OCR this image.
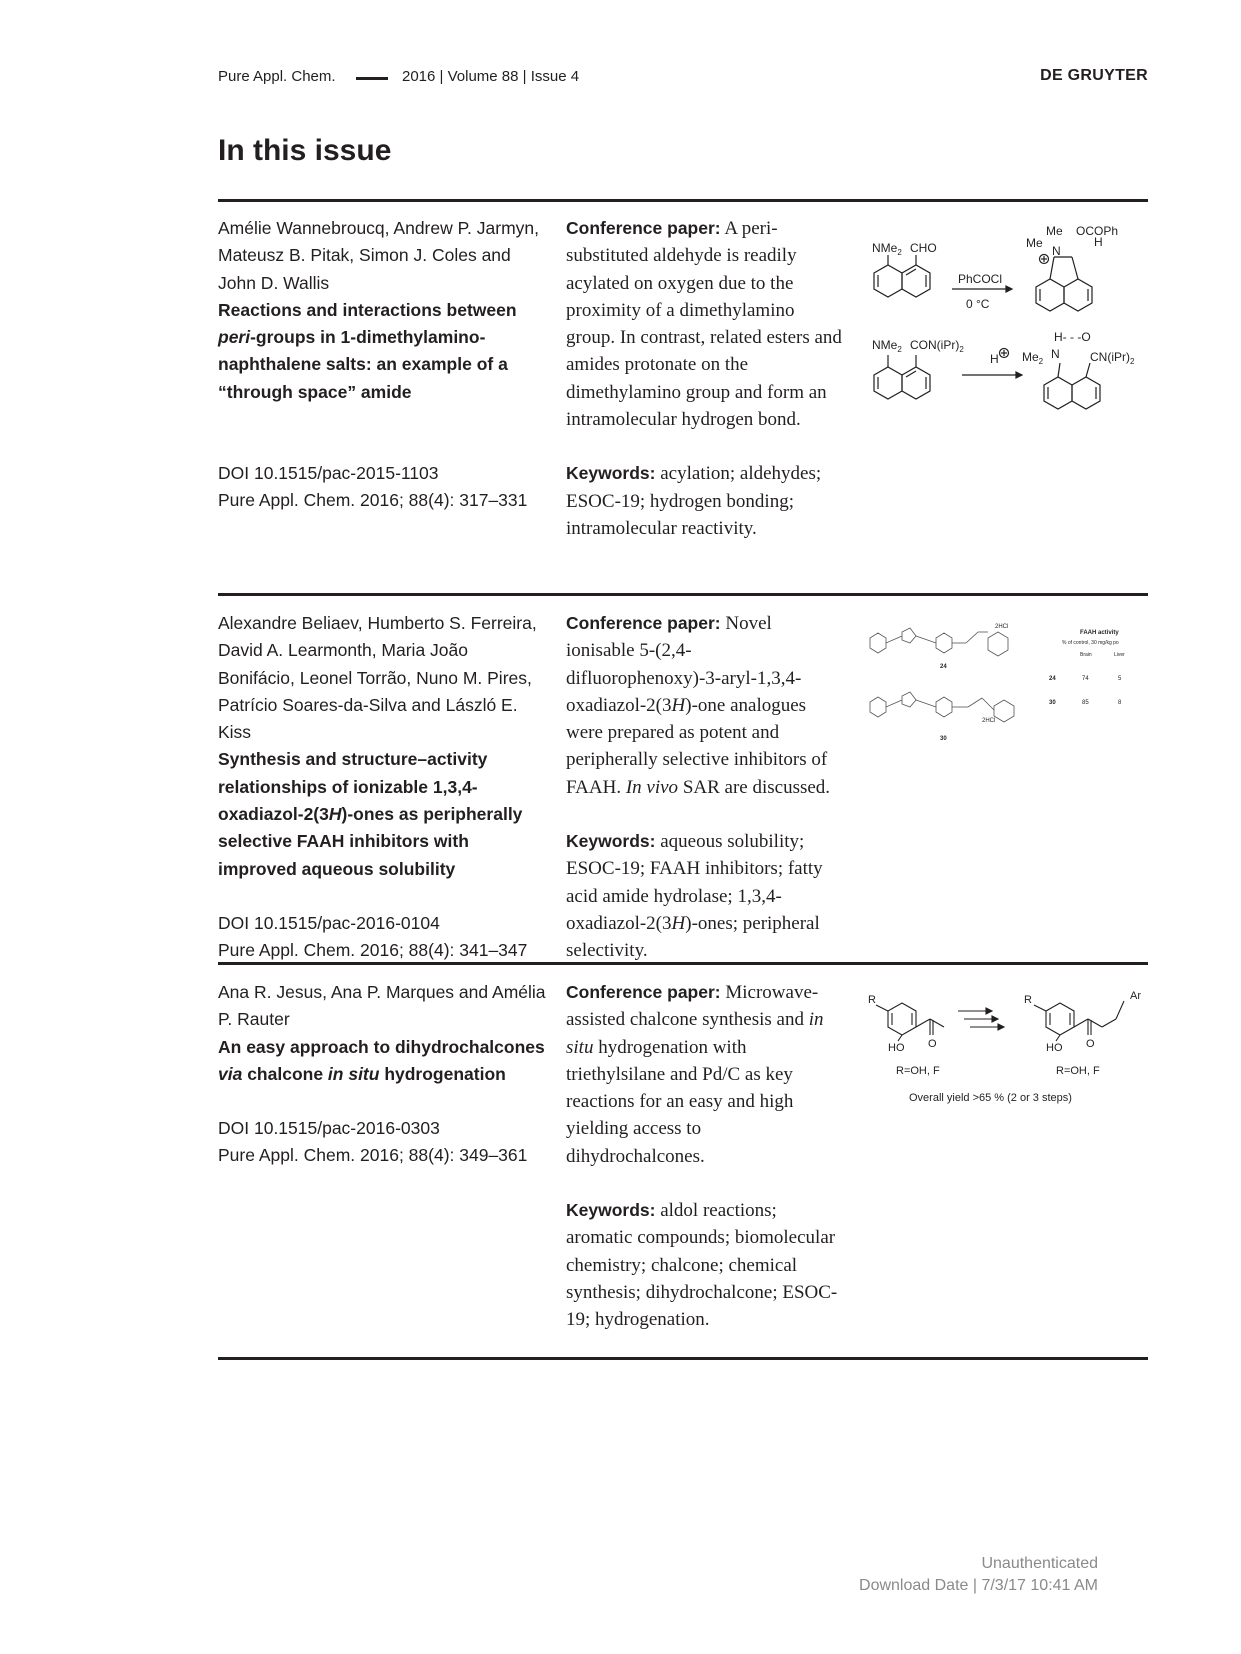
Pure Appl. Chem.	2016 | Volume 88 | Issue 4	DE GRUYTER
In this issue

Amélie Wannebroucq, Andrew P. Jarmyn, Mateusz B. Pitak, Simon J. Coles and John D. Wallis

Reactions and interactions between peri-groups in 1-dimethylamino-naphthalene salts: an example of a “through space” amide

DOI 10.1515/pac-2015-1103

Pure Appl. Chem. 2016; 88(4): 317–331

Conference paper: A peri-substituted aldehyde is readily acylated on oxygen due to the proximity of a dimethylamino group. In contrast, related esters and amides protonate on the dimethylamino group and form an intramolecular hydrogen bond.

Keywords: acylation; aldehydes; ESOC-19; hydrogen bonding; intramolecular reactivity.

NMe$_2$ CHO
PhCOCl
0 °C
Me
Me
N
OCOPh
H
NMe$_2$ $CON(iPr)_2$
H
H- - -O
$Me_2$
N	$CN(iPr)_2$

Alexandre Beliaev, Humberto S. Ferreira, David A. Learmonth, Maria João Bonifácio, Leonel Torrão, Nuno M. Pires, Patrício Soares-da-Silva and László E. Kiss

Synthesis and structure–activity relationships of ionizable 1,3,4-oxadiazol-2(3H)-ones as peripherally selective FAAH inhibitors with improved aqueous solubility

DOI 10.1515/pac-2016-0104

Pure Appl. Chem. 2016; 88(4): 341–347

Conference paper: Novel ionisable 5-(2,4-difluorophenoxy)-3-aryl-1,3,4-oxadiazol-2(3H)-one analogues were prepared as potent and peripherally selective inhibitors of FAAH. In vivo SAR are discussed.

Keywords: aqueous solubility; ESOC-19; FAAH inhibitors; fatty acid amide hydrolase; 1,3,4-oxadiazol-2(3H)-ones; peripheral selectivity.

2HCl
24
2HCl
30
FAAH activity
% of control, 30 mg/kg po
Brain	Liver
24	74	5
30	85	8

Ana R. Jesus, Ana P. Marques and Amélia P. Rauter

An easy approach to dihydrochalcones via chalcone in situ hydrogenation

DOI 10.1515/pac-2016-0303

Pure Appl. Chem. 2016; 88(4): 349–361

Conference paper: Microwave-assisted chalcone synthesis and in situ hydrogenation with triethylsilane and Pd/C as key reactions for an easy and high yielding access to dihydrochalcones.

Keywords: aldol reactions; aromatic compounds; biomolecular chemistry; chalcone; chemical synthesis; dihydrochalcone; ESOC-19; hydrogenation.

R
HO O
R=OH, F
R	Ar
HO O
R=OH, F
Overall yield >65 % (2 or 3 steps)
Unauthenticated
Download Date | 7/3/17 10:41 AM
